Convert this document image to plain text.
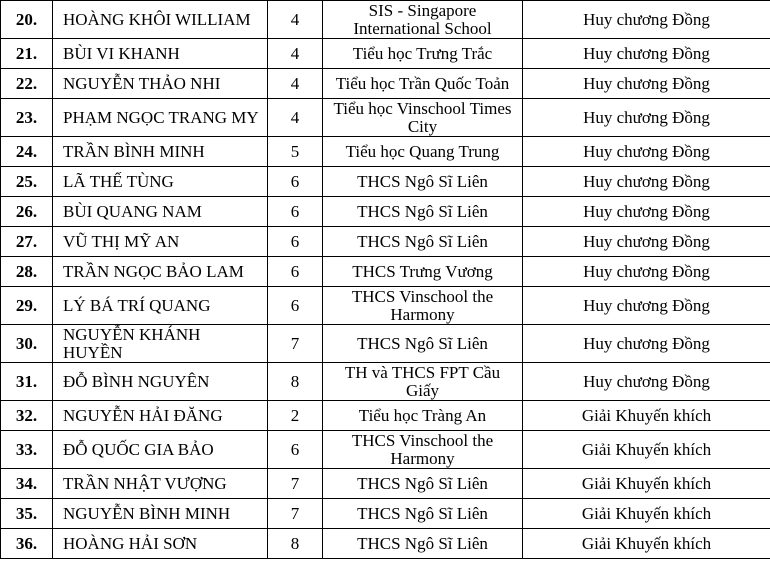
20.	HOÀNG KHÔI WILLIAM	4	SIS - Singapore International School	Huy chương Đồng
21.	BÙI VI KHANH	4	Tiểu học Trưng Trắc	Huy chương Đồng
22.	NGUYỄN THẢO NHI	4	Tiểu học Trần Quốc Toản	Huy chương Đồng
23.	PHẠM NGỌC TRANG MY	4	Tiểu học Vinschool Times City	Huy chương Đồng
24.	TRẦN BÌNH MINH	5	Tiểu học Quang Trung	Huy chương Đồng
25.	LÃ THẾ TÙNG	6	THCS Ngô Sĩ Liên	Huy chương Đồng
26.	BÙI QUANG NAM	6	THCS Ngô Sĩ Liên	Huy chương Đồng
27.	VŨ THỊ MỸ AN	6	THCS Ngô Sĩ Liên	Huy chương Đồng
28.	TRẦN NGỌC BẢO LAM	6	THCS Trưng Vương	Huy chương Đồng
29.	LÝ BÁ TRÍ QUANG	6	THCS Vinschool the Harmony	Huy chương Đồng
30.	NGUYỄN KHÁNH HUYỀN	7	THCS Ngô Sĩ Liên	Huy chương Đồng
31.	ĐỖ BÌNH NGUYÊN	8	TH và THCS FPT Cầu Giấy	Huy chương Đồng
32.	NGUYỄN HẢI ĐĂNG	2	Tiểu học Tràng An	Giải Khuyến khích
33.	ĐỖ QUỐC GIA BẢO	6	THCS Vinschool the Harmony	Giải Khuyến khích
34.	TRẦN NHẬT VƯỢNG	7	THCS Ngô Sĩ Liên	Giải Khuyến khích
35.	NGUYỄN BÌNH MINH	7	THCS Ngô Sĩ Liên	Giải Khuyến khích
36.	HOÀNG HẢI SƠN	8	THCS Ngô Sĩ Liên	Giải Khuyến khích
